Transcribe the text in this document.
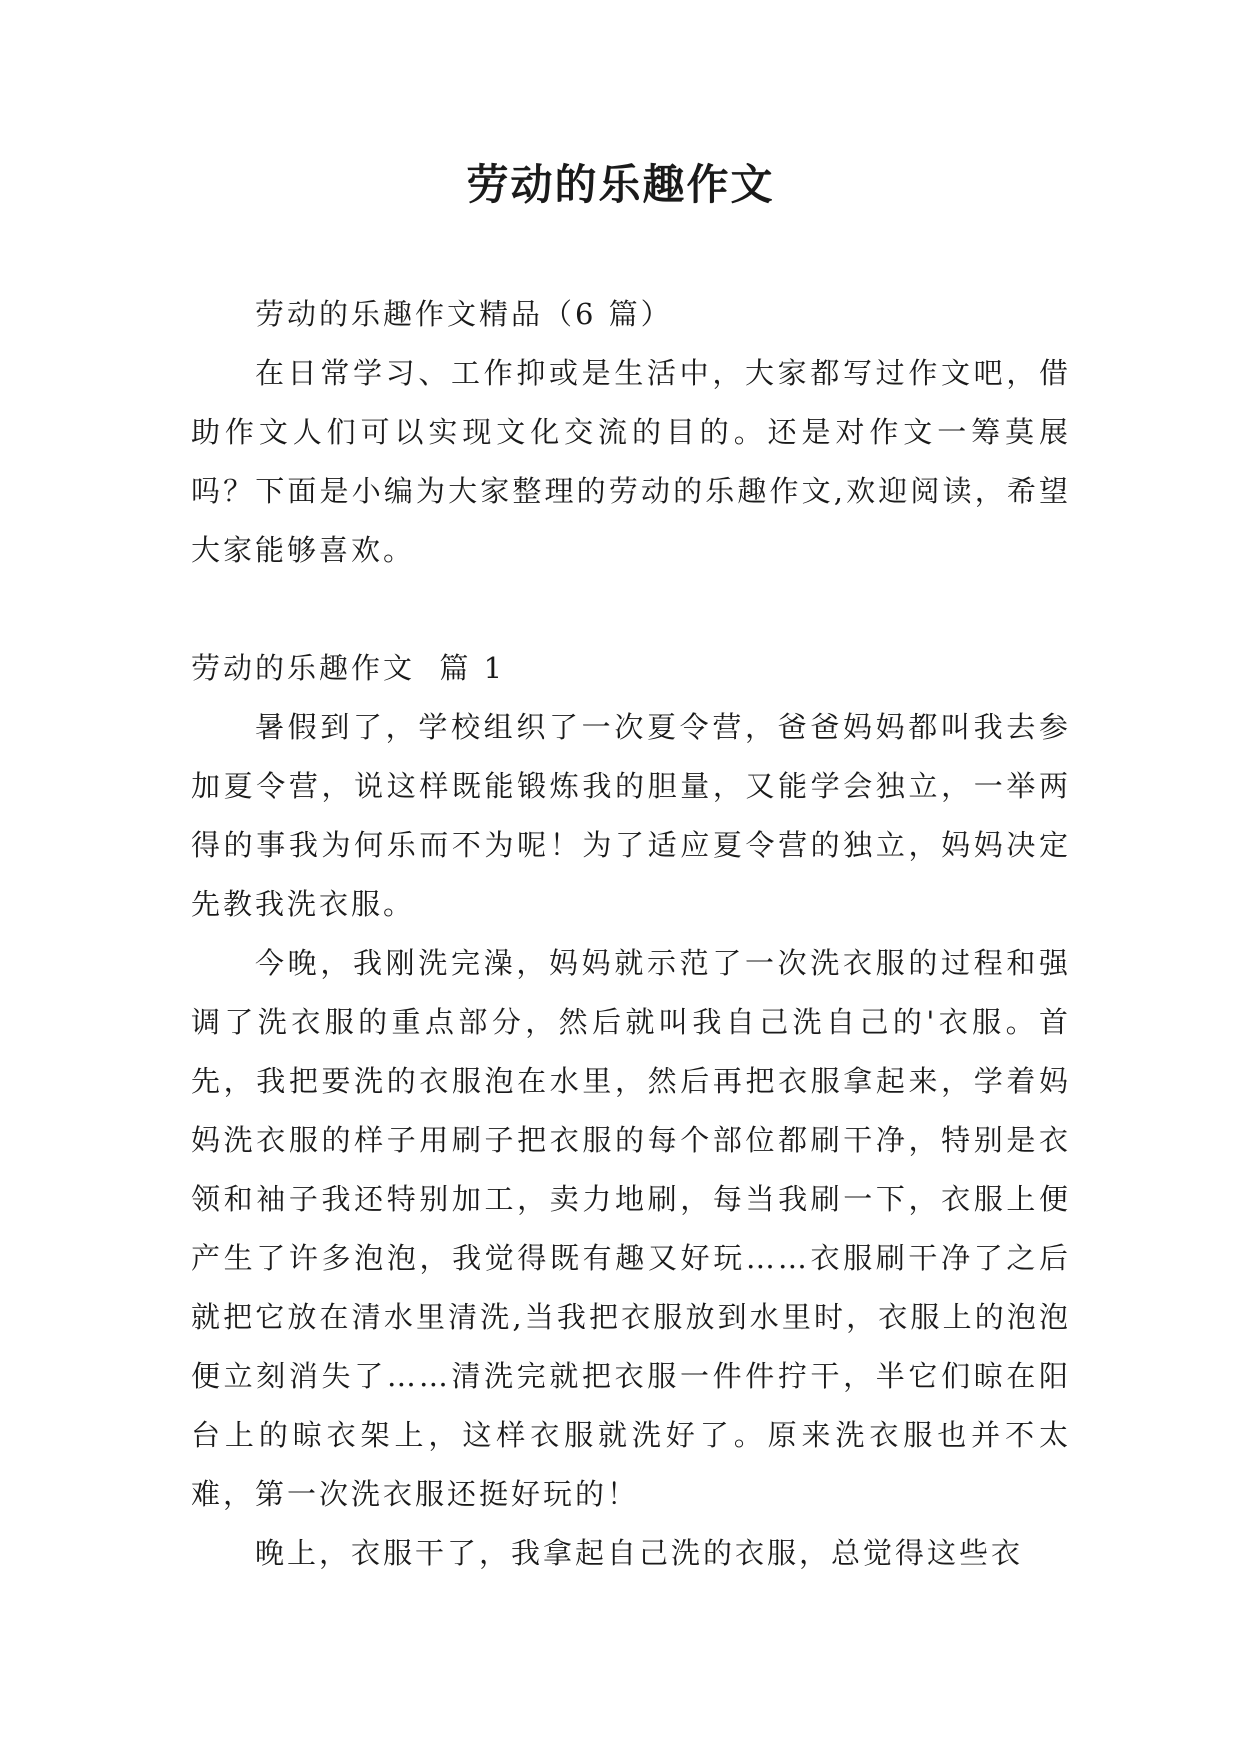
劳动的乐趣作文

劳动的乐趣作文精品（6 篇）

在日常学习、工作抑或是生活中，大家都写过作文吧，借助作文人们可以实现文化交流的目的。还是对作文一筹莫展吗？下面是小编为大家整理的劳动的乐趣作文,欢迎阅读，希望大家能够喜欢。

劳动的乐趣作文  篇 1

暑假到了，学校组织了一次夏令营，爸爸妈妈都叫我去参加夏令营，说这样既能锻炼我的胆量，又能学会独立，一举两得的事我为何乐而不为呢！为了适应夏令营的独立，妈妈决定先教我洗衣服。

今晚，我刚洗完澡，妈妈就示范了一次洗衣服的过程和强调了洗衣服的重点部分，然后就叫我自己洗自己的'衣服。首先，我把要洗的衣服泡在水里，然后再把衣服拿起来，学着妈妈洗衣服的样子用刷子把衣服的每个部位都刷干净，特别是衣领和袖子我还特别加工，卖力地刷，每当我刷一下，衣服上便产生了许多泡泡，我觉得既有趣又好玩……衣服刷干净了之后就把它放在清水里清洗,当我把衣服放到水里时，衣服上的泡泡便立刻消失了……清洗完就把衣服一件件拧干，半它们晾在阳台上的晾衣架上，这样衣服就洗好了。原来洗衣服也并不太难，第一次洗衣服还挺好玩的！

晚上，衣服干了，我拿起自己洗的衣服，总觉得这些衣
